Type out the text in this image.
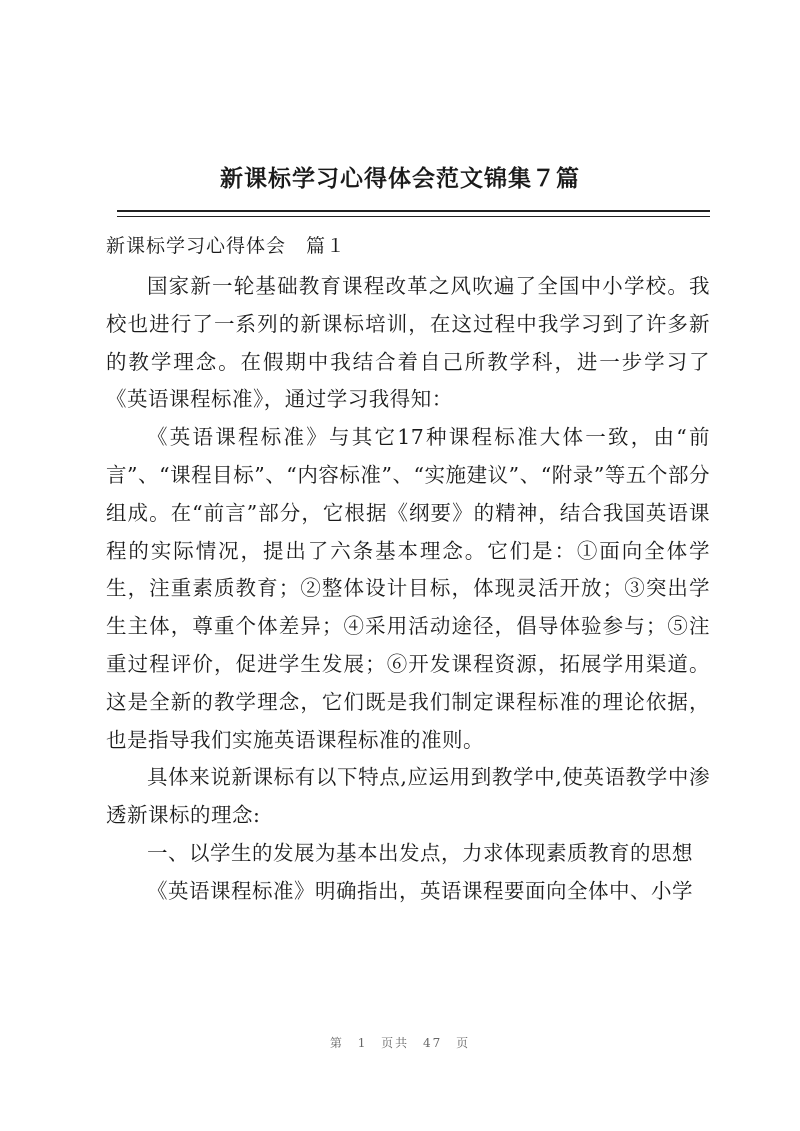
新课标学习心得体会范文锦集７篇
新课标学习心得体会　篇１

国家新一轮基础教育课程改革之风吹遍了全国中小学校。我校也进行了一系列的新课标培训，在这过程中我学习到了许多新的教学理念。在假期中我结合着自己所教学科，进一步学习了《英语课程标准》，通过学习我得知：

《英语课程标准》与其它17种课程标准大体一致，由“前言”、“课程目标”、“内容标准”、“实施建议”、“附录”等五个部分组成。在“前言”部分，它根据《纲要》的精神，结合我国英语课程的实际情况，提出了六条基本理念。它们是：①面向全体学生，注重素质教育；②整体设计目标，体现灵活开放；③突出学生主体，尊重个体差异；④采用活动途径，倡导体验参与；⑤注重过程评价，促进学生发展；⑥开发课程资源，拓展学用渠道。这是全新的教学理念，它们既是我们制定课程标准的理论依据，也是指导我们实施英语课程标准的准则。

具体来说新课标有以下特点,应运用到教学中,使英语教学中渗透新课标的理念:

一、以学生的发展为基本出发点，力求体现素质教育的思想

《英语课程标准》明确指出，英语课程要面向全体中、小学

第 1 页共 47 页
